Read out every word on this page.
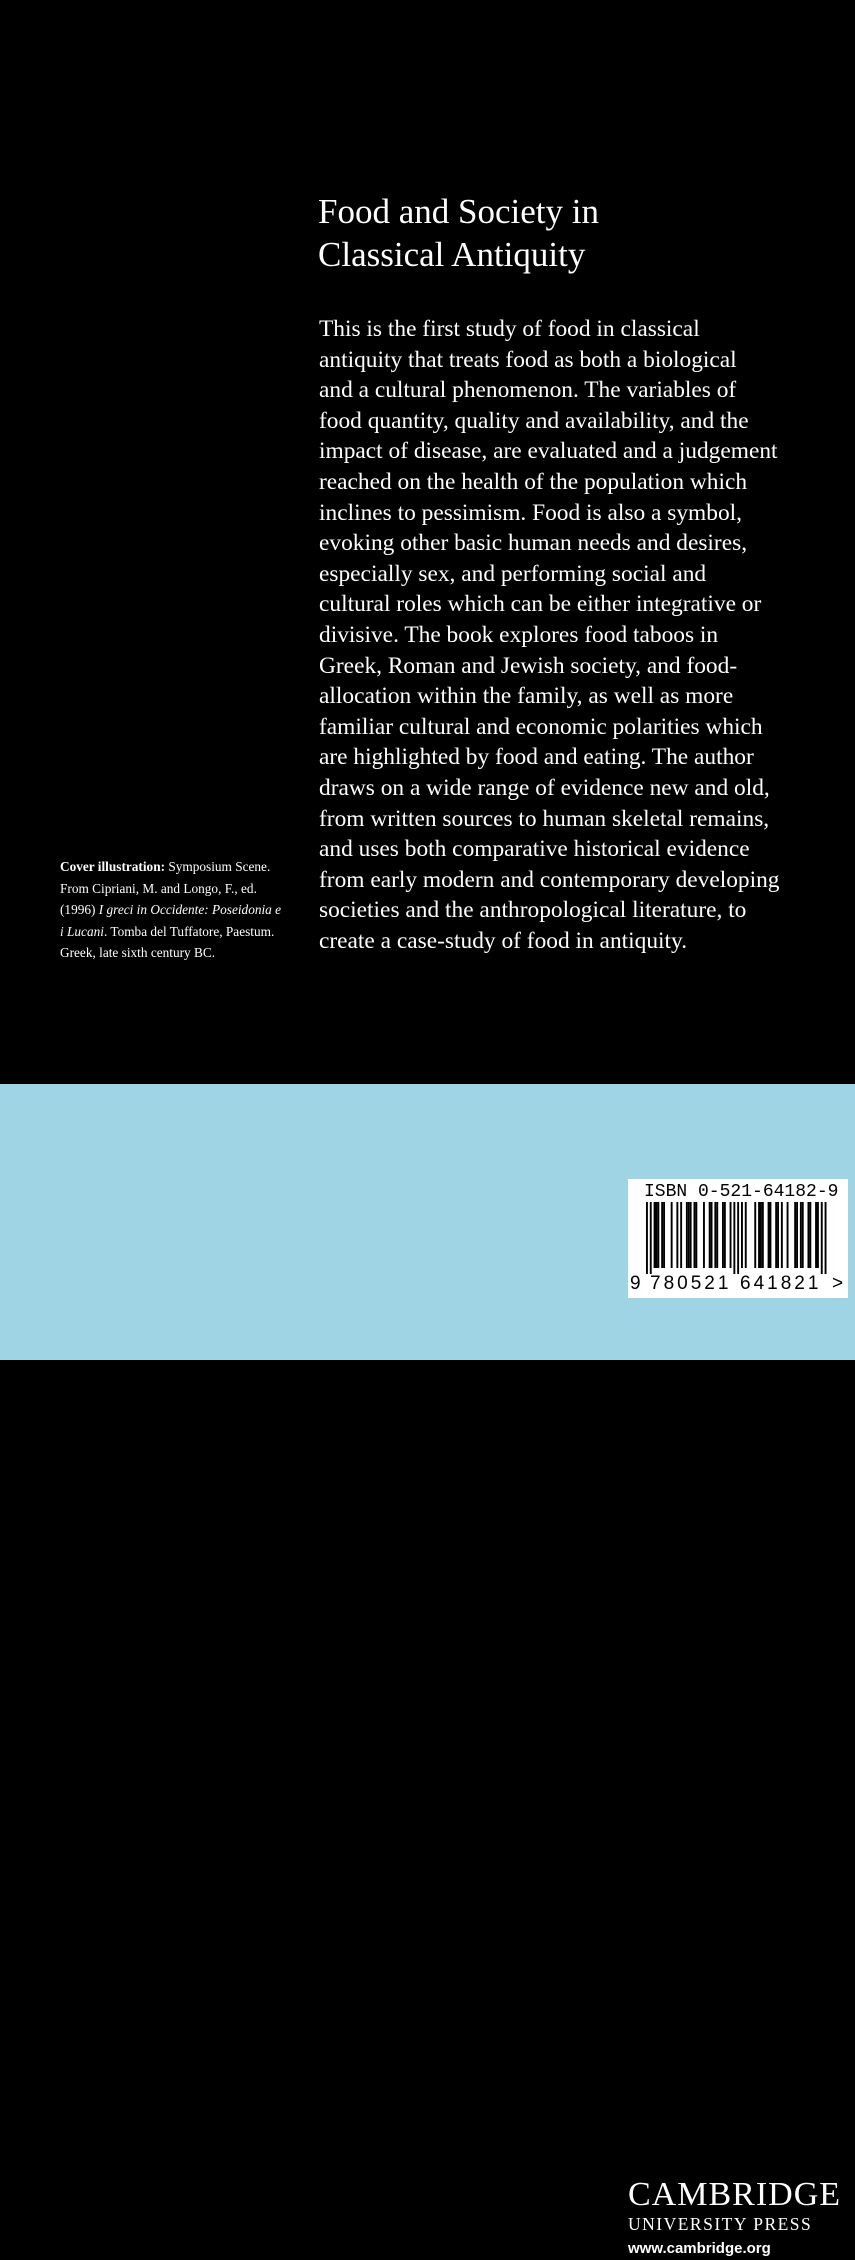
Food and Society in
Classical Antiquity

This is the first study of food in classical
antiquity that treats food as both a biological
and a cultural phenomenon. The variables of
food quantity, quality and availability, and the
impact of disease, are evaluated and a judgement
reached on the health of the population which
inclines to pessimism. Food is also a symbol,
evoking other basic human needs and desires,
especially sex, and performing social and
cultural roles which can be either integrative or
divisive. The book explores food taboos in
Greek, Roman and Jewish society, and food-
allocation within the family, as well as more
familiar cultural and economic polarities which
are highlighted by food and eating. The author
draws on a wide range of evidence new and old,
from written sources to human skeletal remains,
and uses both comparative historical evidence
from early modern and contemporary developing
societies and the anthropological literature, to
create a case-study of food in antiquity.

Cover illustration: Symposium Scene.
From Cipriani, M. and Longo, F., ed.
(1996) I greci in Occidente: Poseidonia e
i Lucani. Tomba del Tuffatore, Paestum.
Greek, late sixth century BC.

CAMBRIDGE
UNIVERSITY PRESS
www.cambridge.org
ISBN 0-521-64182-9
9 780521 641821 >
